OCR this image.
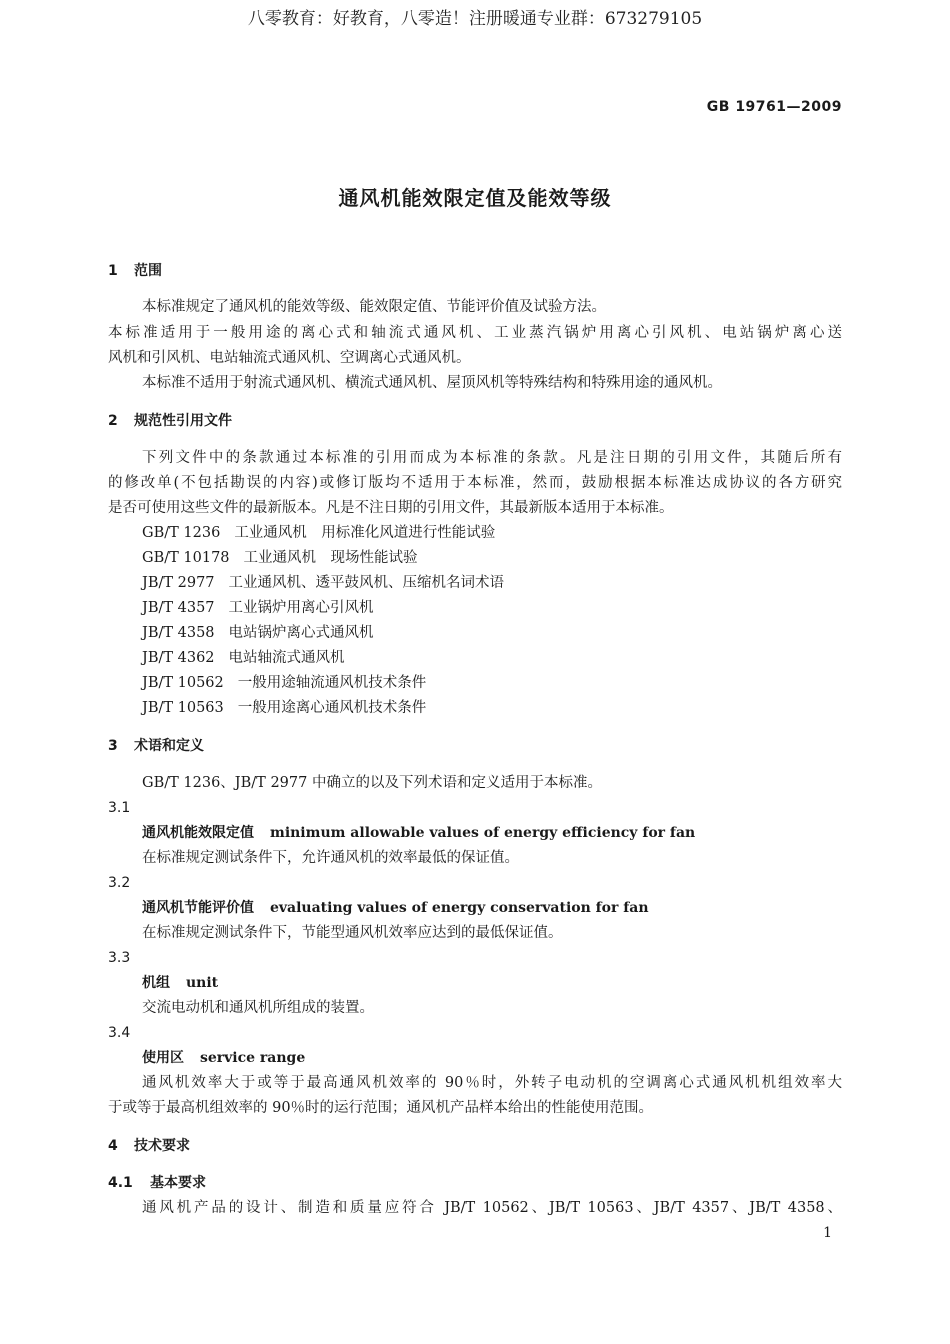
八零教育：好教育，八零造！注册暖通专业群：673279105
GB 19761—2009
通风机能效限定值及能效等级
1 范围
本标准规定了通风机的能效等级、能效限定值、节能评价值及试验方法。
本标准适用于一般用途的离心式和轴流式通风机、工业蒸汽锅炉用离心引风机、电站锅炉离心送
风机和引风机、电站轴流式通风机、空调离心式通风机。
本标准不适用于射流式通风机、横流式通风机、屋顶风机等特殊结构和特殊用途的通风机。
2 规范性引用文件
下列文件中的条款通过本标准的引用而成为本标准的条款。凡是注日期的引用文件，其随后所有
的修改单(不包括勘误的内容)或修订版均不适用于本标准，然而，鼓励根据本标准达成协议的各方研究
是否可使用这些文件的最新版本。凡是不注日期的引用文件，其最新版本适用于本标准。
GB/T 1236 工业通风机　用标准化风道进行性能试验
GB/T 10178 工业通风机　现场性能试验
JB/T 2977 工业通风机、透平鼓风机、压缩机名词术语
JB/T 4357 工业锅炉用离心引风机
JB/T 4358 电站锅炉离心式通风机
JB/T 4362 电站轴流式通风机
JB/T 10562 一般用途轴流通风机技术条件
JB/T 10563 一般用途离心通风机技术条件
3 术语和定义
GB/T 1236、JB/T 2977 中确立的以及下列术语和定义适用于本标准。
3.1
通风机能效限定值 minimum allowable values of energy efficiency for fan
在标准规定测试条件下，允许通风机的效率最低的保证值。
3.2
通风机节能评价值 evaluating values of energy conservation for fan
在标准规定测试条件下，节能型通风机效率应达到的最低保证值。
3.3
机组 unit
交流电动机和通风机所组成的装置。
3.4
使用区 service range
通风机效率大于或等于最高通风机效率的 90％时，外转子电动机的空调离心式通风机机组效率大
于或等于最高机组效率的 90％时的运行范围；通风机产品样本给出的性能使用范围。
4 技术要求
4.1 基本要求
通风机产品的设计、制造和质量应符合 JB/T 10562、JB/T 10563、JB/T 4357、JB/T 4358、
1
